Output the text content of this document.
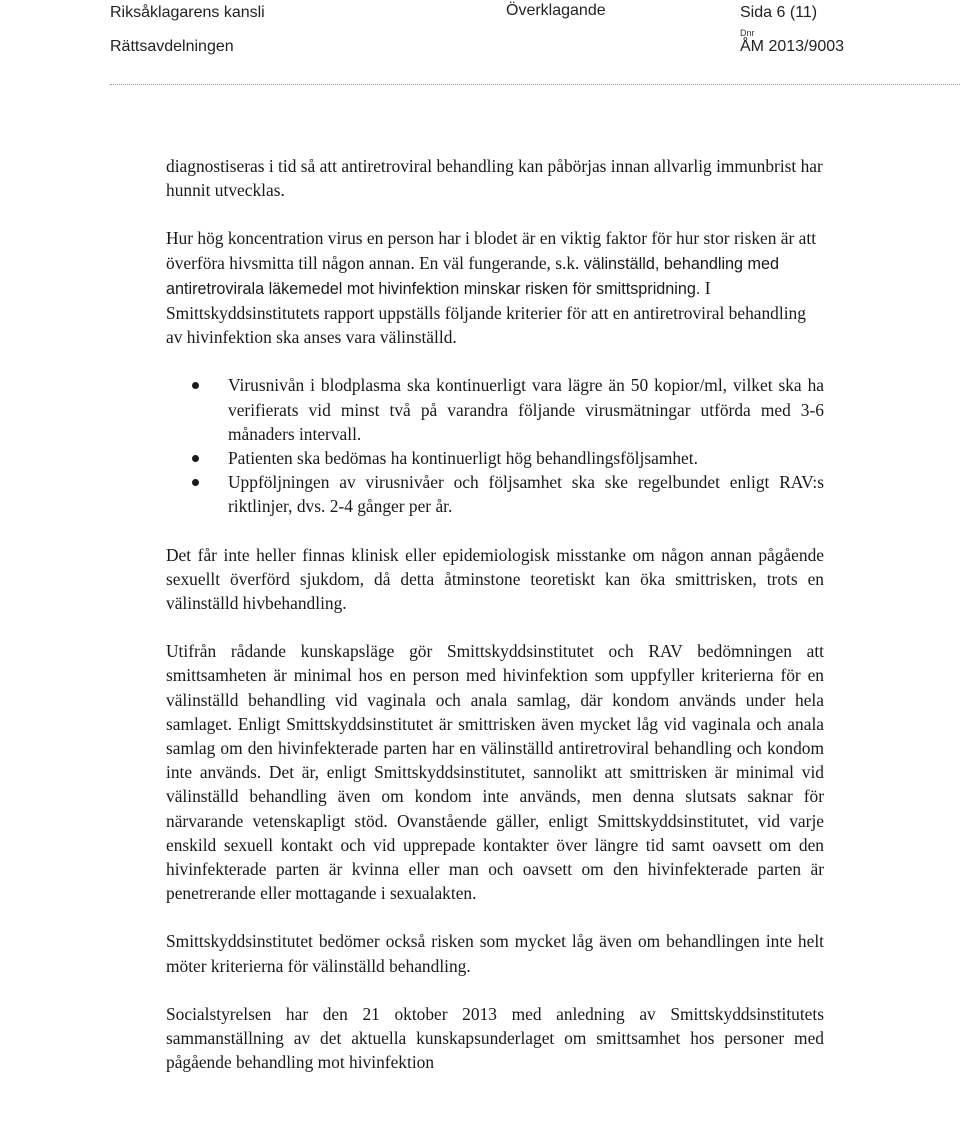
Riksåklagarens kansli
Rättsavdelningen
Överklagande	Sida 6 (11)
Dnr
ÅM 2013/9003

diagnostiseras i tid så att antiretroviral behandling kan påbörjas innan allvarlig immunbrist har hunnit utvecklas.

Hur hög koncentration virus en person har i blodet är en viktig faktor för hur stor risken är att överföra hivsmitta till någon annan. En väl fungerande, s.k. välinställd, behandling med antiretrovirala läkemedel mot hivinfektion minskar risken för smittspridning. I Smittskyddsinstitutets rapport uppställs följande kriterier för att en antiretroviral behandling av hivinfektion ska anses vara välinställd.

Virusnivån i blodplasma ska kontinuerligt vara lägre än 50 kopior/ml, vilket ska ha verifierats vid minst två på varandra följande virusmätningar utförda med 3-6 månaders intervall.
Patienten ska bedömas ha kontinuerligt hög behandlingsföljsamhet.
Uppföljningen av virusnivåer och följsamhet ska ske regelbundet enligt RAV:s riktlinjer, dvs. 2-4 gånger per år.

Det får inte heller finnas klinisk eller epidemiologisk misstanke om någon annan pågående sexuellt överförd sjukdom, då detta åtminstone teoretiskt kan öka smittrisken, trots en välinställd hivbehandling.

Utifrån rådande kunskapsläge gör Smittskyddsinstitutet och RAV bedömningen att smittsamheten är minimal hos en person med hivinfektion som uppfyller kriterierna för en välinställd behandling vid vaginala och anala samlag, där kondom används under hela samlaget. Enligt Smittskyddsinstitutet är smittrisken även mycket låg vid vaginala och anala samlag om den hivinfekterade parten har en välinställd antiretroviral behandling och kondom inte används. Det är, enligt Smittskyddsinstitutet, sannolikt att smittrisken är minimal vid välinställd behandling även om kondom inte används, men denna slutsats saknar för närvarande vetenskapligt stöd. Ovanstående gäller, enligt Smittskyddsinstitutet, vid varje enskild sexuell kontakt och vid upprepade kontakter över längre tid samt oavsett om den hivinfekterade parten är kvinna eller man och oavsett om den hivinfekterade parten är penetrerande eller mottagande i sexualakten.

Smittskyddsinstitutet bedömer också risken som mycket låg även om behandlingen inte helt möter kriterierna för välinställd behandling.

Socialstyrelsen har den 21 oktober 2013 med anledning av Smittskyddsinstitutets sammanställning av det aktuella kunskapsunderlaget om smittsamhet hos personer med pågående behandling mot hivinfektion
